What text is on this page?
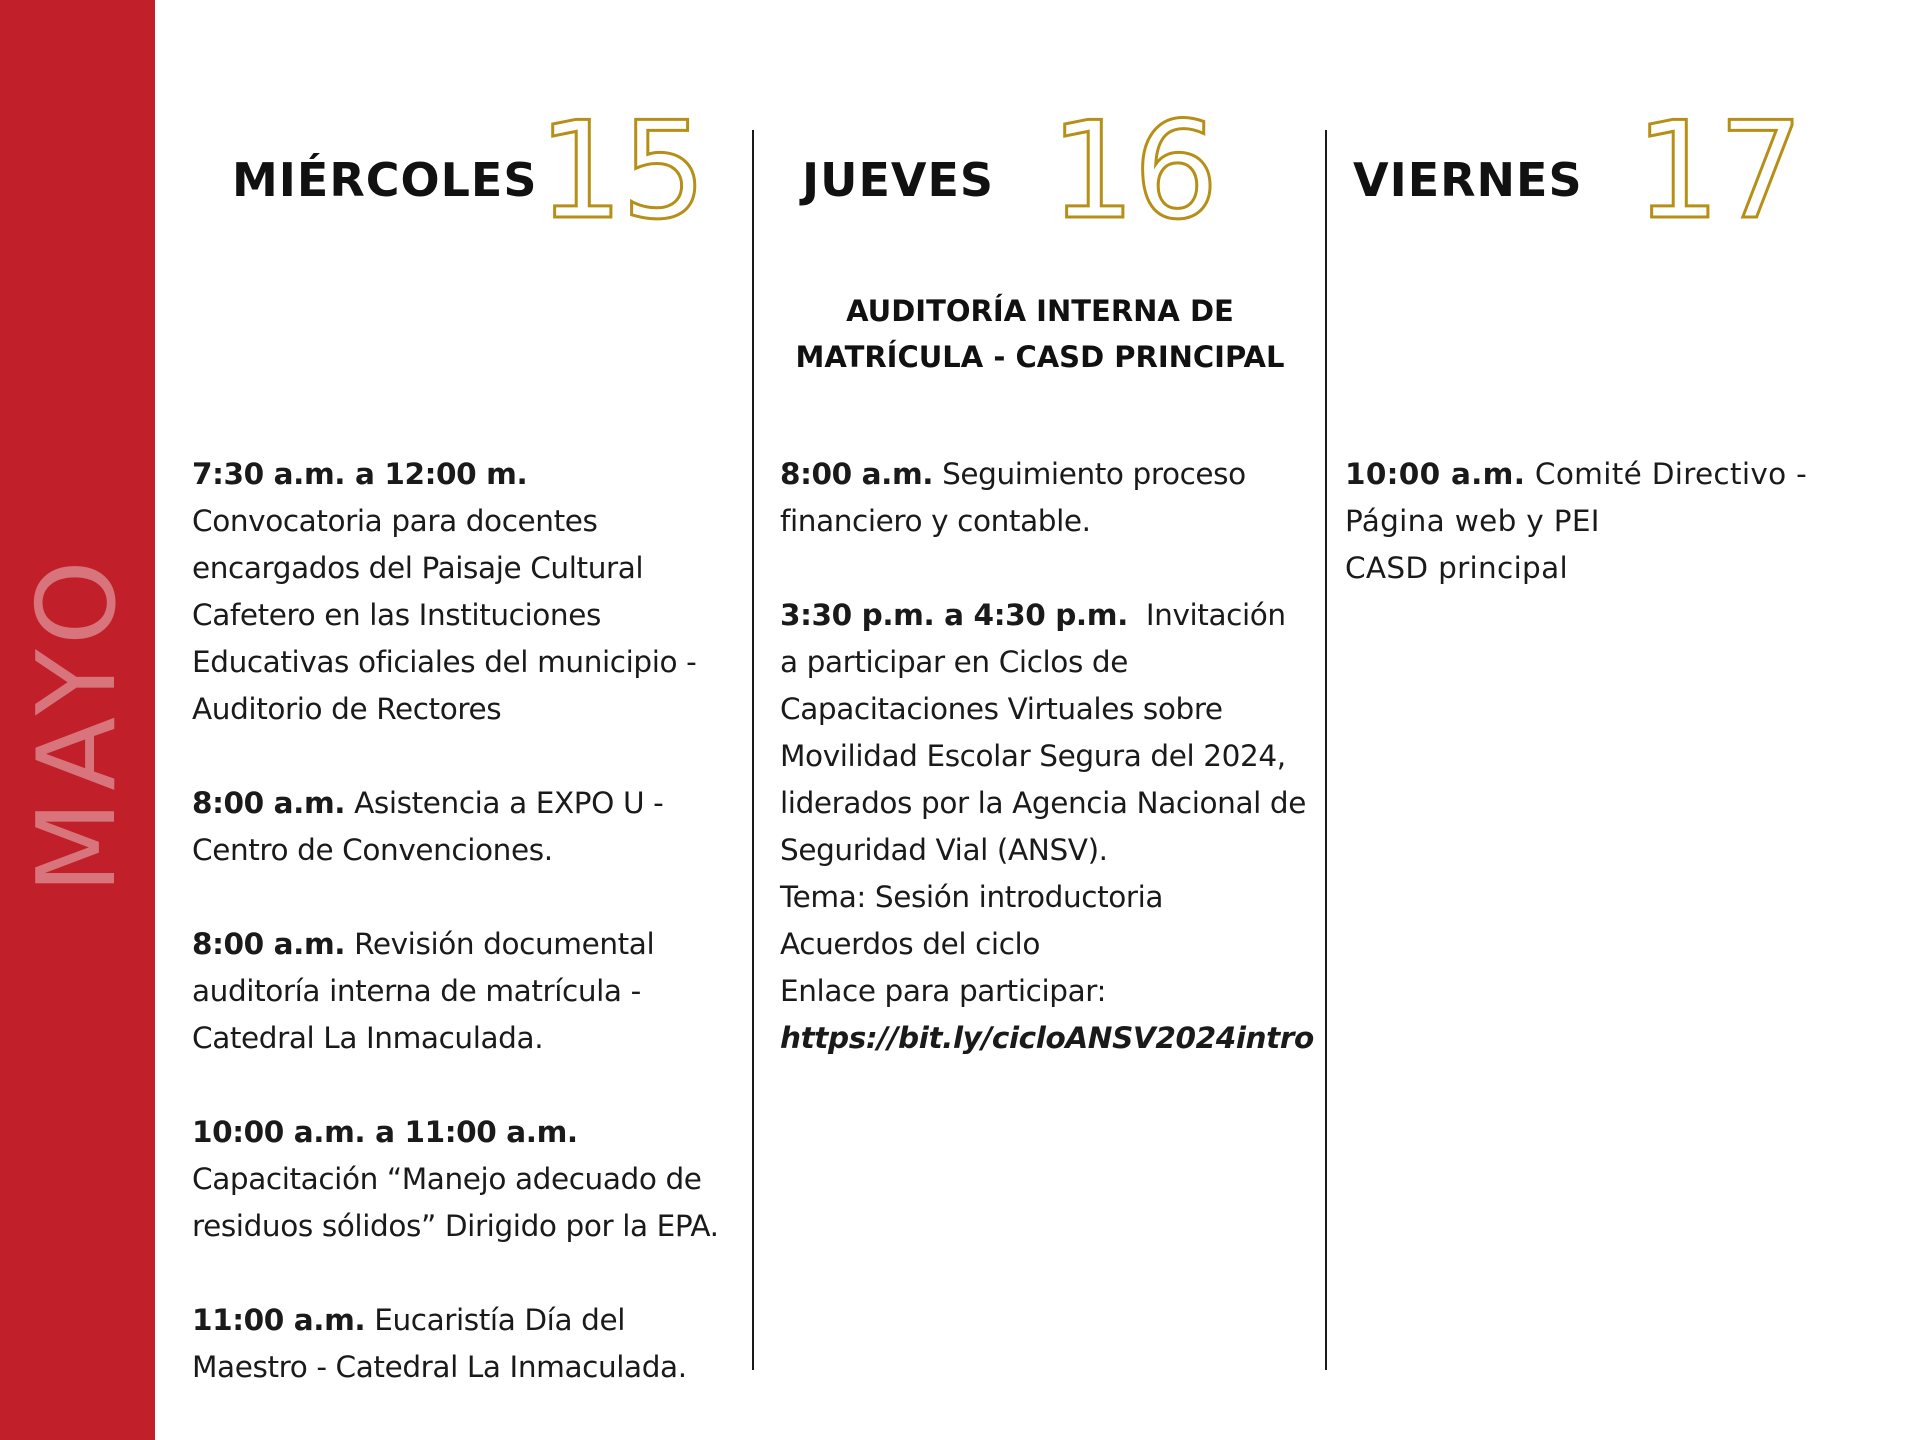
MAYO
MIÉRCOLES 15 JUEVES 16	VIERNES 17
AUDITORÍA INTERNA DE
MATRÍCULA - CASD PRINCIPAL

7:30 a.m. a 12:00 m.  Convocatoria para docentes encargados del Paisaje Cultural Cafetero en las Instituciones Educativas oficiales del municipio - Auditorio de Rectores

8:00 a.m. Asistencia a EXPO U - Centro de Convenciones.

8:00 a.m. Revisión documental auditoría interna de matrícula - Catedral La Inmaculada.

10:00 a.m. a 11:00 a.m. Capacitación “Manejo adecuado de residuos sólidos” Dirigido por la EPA.

11:00 a.m. Eucaristía Día del Maestro - Catedral La Inmaculada.

8:00 a.m. Seguimiento proceso financiero y contable.

3:30 p.m. a 4:30 p.m. Invitación a participar en Ciclos de Capacitaciones Virtuales sobre Movilidad Escolar Segura del 2024, liderados por la Agencia Nacional de Seguridad Vial (ANSV).
Tema: Sesión introductoria
Acuerdos del ciclo
Enlace para participar:
https://bit.ly/cicloANSV2024intro

10:00 a.m. Comité Directivo - Página web y PEI
CASD principal
